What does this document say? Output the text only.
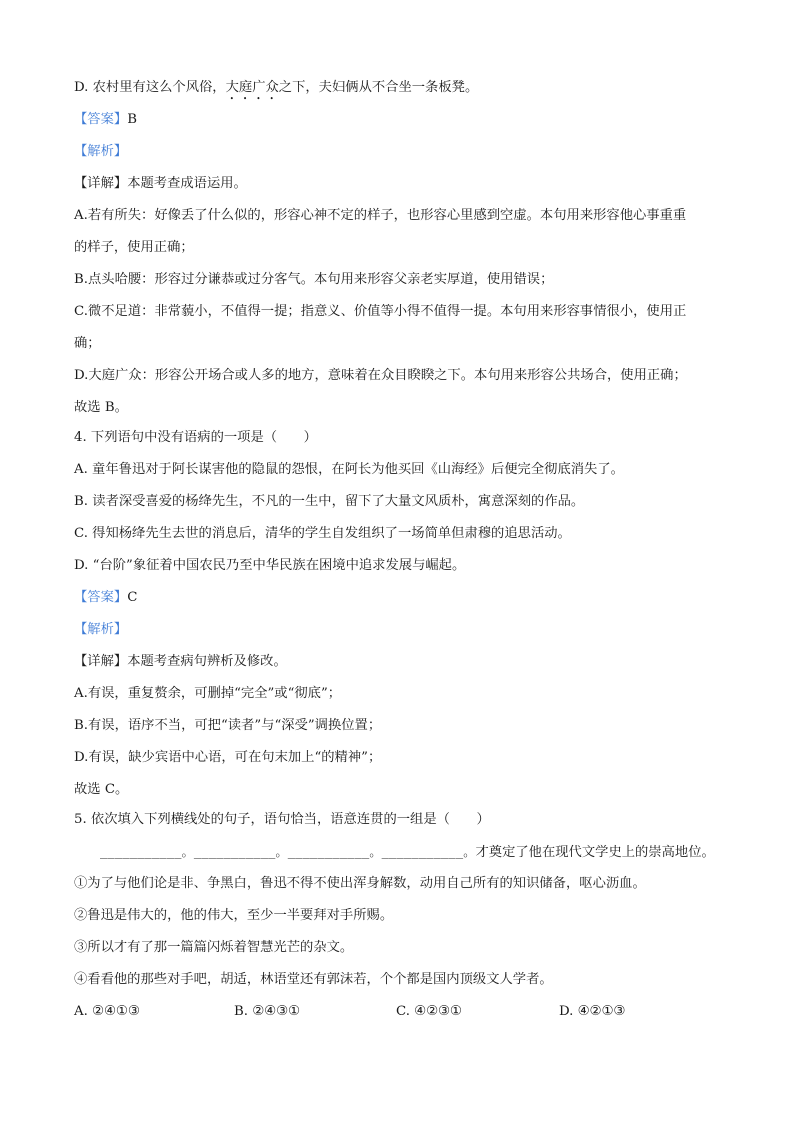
D. 农村里有这么个风俗，大庭广众之下，夫妇俩从不合坐一条板凳。
【答案】B
【解析】
【详解】本题考查成语运用。
A.若有所失：好像丢了什么似的，形容心神不定的样子，也形容心里感到空虚。本句用来形容他心事重重
的样子，使用正确；
B.点头哈腰：形容过分谦恭或过分客气。本句用来形容父亲老实厚道，使用错误；
C.微不足道：非常藐小，不值得一提；指意义、价值等小得不值得一提。本句用来形容事情很小，使用正
确；
D.大庭广众：形容公开场合或人多的地方，意味着在众目睽睽之下。本句用来形容公共场合，使用正确；
故选 B。
4. 下列语句中没有语病的一项是（　　）
A. 童年鲁迅对于阿长谋害他的隐鼠的怨恨，在阿长为他买回《山海经》后便完全彻底消失了。
B. 读者深受喜爱的杨绛先生，不凡的一生中，留下了大量文风质朴，寓意深刻的作品。
C. 得知杨绛先生去世的消息后，清华的学生自发组织了一场简单但肃穆的追思活动。
D. “台阶”象征着中国农民乃至中华民族在困境中追求发展与崛起。
【答案】C
【解析】
【详解】本题考查病句辨析及修改。
A.有误，重复赘余，可删掉“完全”或“彻底”；
B.有误，语序不当，可把“读者”与“深受”调换位置；
D.有误，缺少宾语中心语，可在句末加上“的精神”；
故选 C。
5. 依次填入下列横线处的句子，语句恰当，语意连贯的一组是（　　）
___________。___________。___________。___________。才奠定了他在现代文学史上的崇高地位。
①为了与他们论是非、争黑白，鲁迅不得不使出浑身解数，动用自己所有的知识储备，呕心沥血。
②鲁迅是伟大的，他的伟大，至少一半要拜对手所赐。
③所以才有了那一篇篇闪烁着智慧光芒的杂文。
④看看他的那些对手吧，胡适，林语堂还有郭沫若，个个都是国内顶级文人学者。
A. ②④①③	B. ②④③①	C. ④②③①	D. ④②①③
